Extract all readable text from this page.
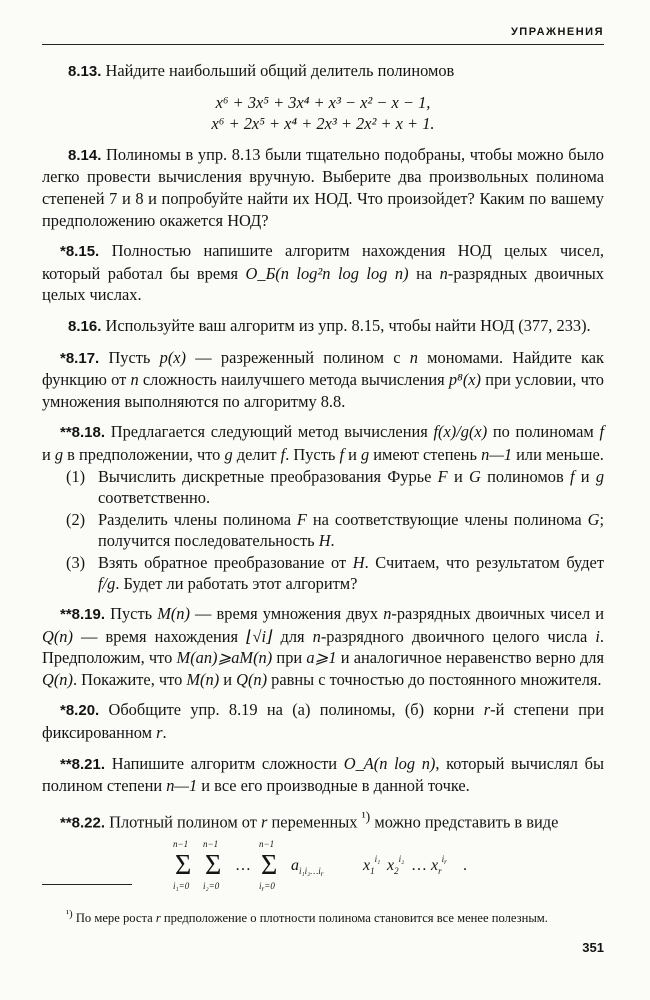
УПРАЖНЕНИЯ

8.13. Найдите наибольший общий делитель полиномов

x⁶ + 3x⁵ + 3x⁴ + x³ − x² − x − 1,

x⁶ + 2x⁵ + x⁴ + 2x³ + 2x² + x + 1.

8.14. Полиномы в упр. 8.13 были тщательно подобраны, чтобы можно было легко провести вычисления вручную. Выберите два произвольных полинома степеней 7 и 8 и попробуйте найти их НОД. Что произойдет? Каким по вашему предположению окажется НОД?

*8.15. Полностью напишите алгоритм нахождения НОД целых чисел, который работал бы время O_Б(n log²n log log n) на n-разрядных двоичных целых числах.

8.16. Используйте ваш алгоритм из упр. 8.15, чтобы найти НОД (377, 233).

*8.17. Пусть p(x) — разреженный полином с n мономами. Найдите как функцию от n сложность наилучшего метода вычисления p⁸(x) при условии, что умножения выполняются по алгоритму 8.8.

**8.18. Предлагается следующий метод вычисления f(x)/g(x) по полиномам f и g в предположении, что g делит f. Пусть f и g имеют степень n—1 или меньше.

(1) Вычислить дискретные преобразования Фурье F и G полиномов f и g соответственно.
(2) Разделить члены полинома F на соответствующие члены полинома G; получится последовательность H.
(3) Взять обратное преобразование от H. Считаем, что результатом будет f/g. Будет ли работать этот алгоритм?

**8.19. Пусть M(n) — время умножения двух n-разрядных двоичных чисел и Q(n) — время нахождения ⌊√i⌋ для n-разрядного двоичного целого числа i. Предположим, что M(an)⩾aM(n) при a⩾1 и аналогичное неравенство верно для Q(n). Покажите, что M(n) и Q(n) равны с точностью до постоянного множителя.

*8.20. Обобщите упр. 8.19 на (а) полиномы, (б) корни r-й степени при фиксированном r.

**8.21. Напишите алгоритм сложности O_A(n log n), который вычислял бы полином степени n—1 и все его производные в данной точке.

**8.22. Плотный полином от r переменных $^{^1)}$ можно представить в виде

n−1
Σ
i₁=0
n−1
Σ
i₂=0
…
n−1
Σ
$i_r=0$
$a_{i_1i_2\dots i}r$ $x_1^{i_1}$ $x_2^{i_2}$ … $x_r^ir$ .

$^{^1)}$ По мере роста r предположение о плотности полинома становится все менее полезным.

351
